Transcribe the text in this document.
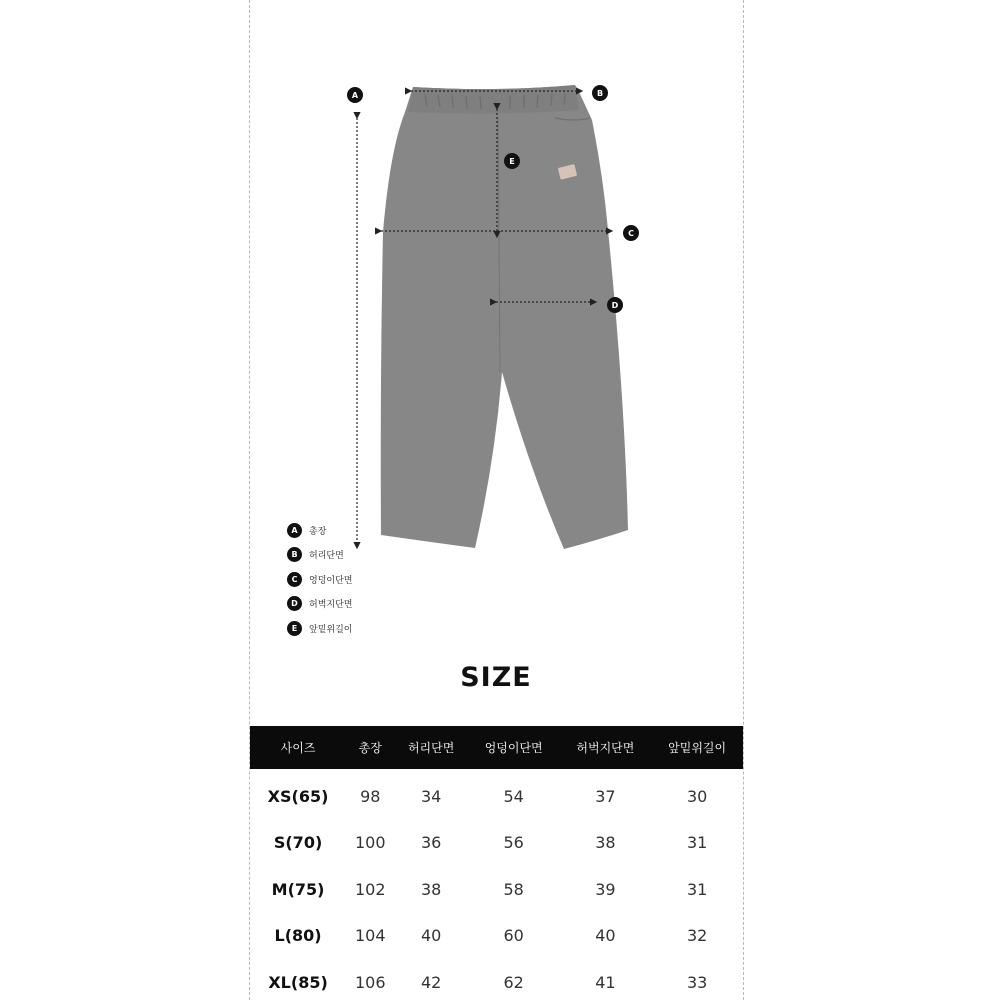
A	B
C
D
E
A	총장
B	허리단면
C	엉덩이단면
D	허벅지단면
E	앞밑위길이
SIZE
사이즈	총장	허리단면	엉덩이단면	허벅지단면	앞밑위길이
XS(65)	98	34	54	37	30
S(70)	100	36	56	38	31
M(75)	102	38	58	39	31
L(80)	104	40	60	40	32
XL(85)	106	42	62	41	33
